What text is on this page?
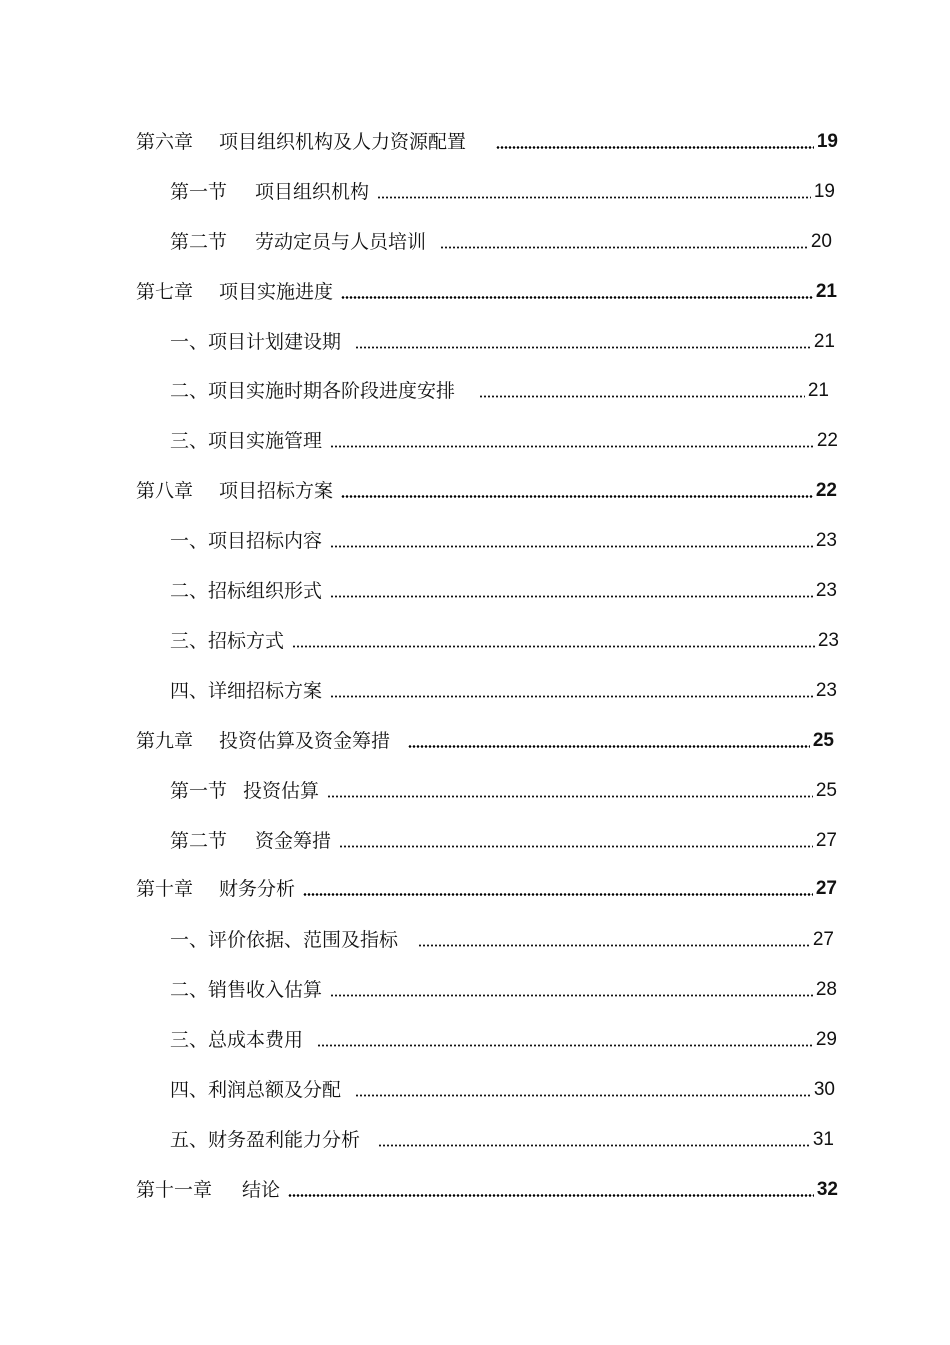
第六章 项目组织机构及人力资源配置	19
第一节 项目组织机构	19
第二节 劳动定员与人员培训	20
第七章 项目实施进度	21
一、项目计划建设期	21
二、项目实施时期各阶段进度安排	21
三、项目实施管理	22
第八章 项目招标方案	22
一、项目招标内容	23
二、招标组织形式	23
三、招标方式	23
四、详细招标方案	23
第九章 投资估算及资金筹措	25
第一节 投资估算	25
第二节 资金筹措	27
第十章 财务分析	27
一、评价依据、范围及指标	27
二、销售收入估算	28
三、总成本费用	29
四、利润总额及分配	30
五、财务盈利能力分析	31
第十一章 结论	32
